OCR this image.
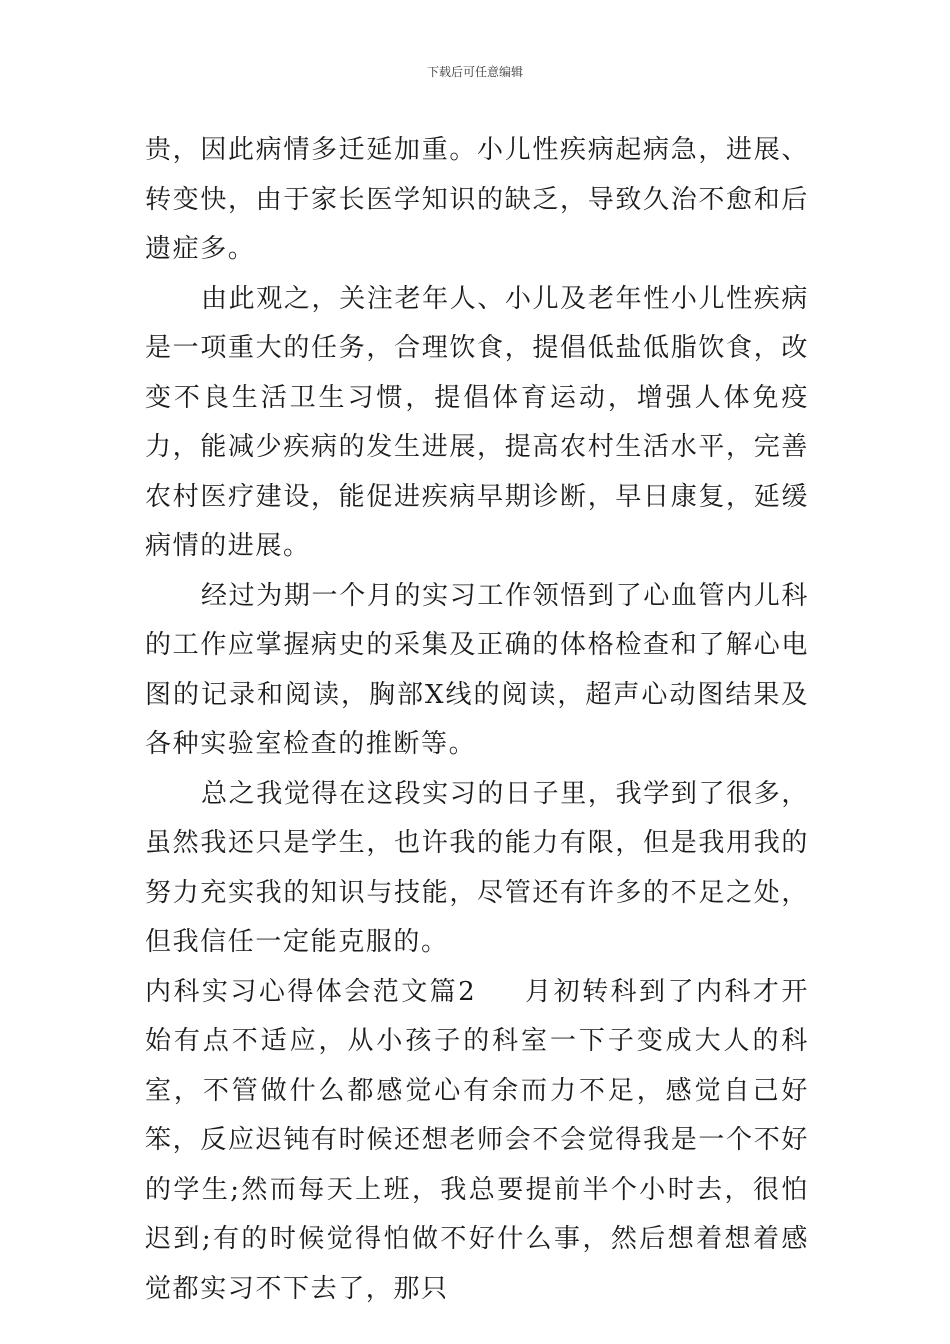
下载后可任意编辑

贵，因此病情多迁延加重。小儿性疾病起病急，进展、转变快，由于家长医学知识的缺乏，导致久治不愈和后遗症多。

由此观之，关注老年人、小儿及老年性小儿性疾病是一项重大的任务，合理饮食，提倡低盐低脂饮食，改变不良生活卫生习惯，提倡体育运动，增强人体免疫力，能减少疾病的发生进展，提高农村生活水平，完善农村医疗建设，能促进疾病早期诊断，早日康复，延缓病情的进展。

经过为期一个月的实习工作领悟到了心血管内儿科的工作应掌握病史的采集及正确的体格检查和了解心电图的记录和阅读，胸部X线的阅读，超声心动图结果及各种实验室检查的推断等。

总之我觉得在这段实习的日子里，我学到了很多，虽然我还只是学生，也许我的能力有限，但是我用我的努力充实我的知识与技能，尽管还有许多的不足之处，但我信任一定能克服的。

内科实习心得体会范文篇2 月初转科到了内科才开始有点不适应，从小孩子的科室一下子变成大人的科室，不管做什么都感觉心有余而力不足，感觉自己好笨，反应迟钝有时候还想老师会不会觉得我是一个不好的学生;然而每天上班，我总要提前半个小时去，很怕迟到;有的时候觉得怕做不好什么事，然后想着想着感觉都实习不下去了，那只
